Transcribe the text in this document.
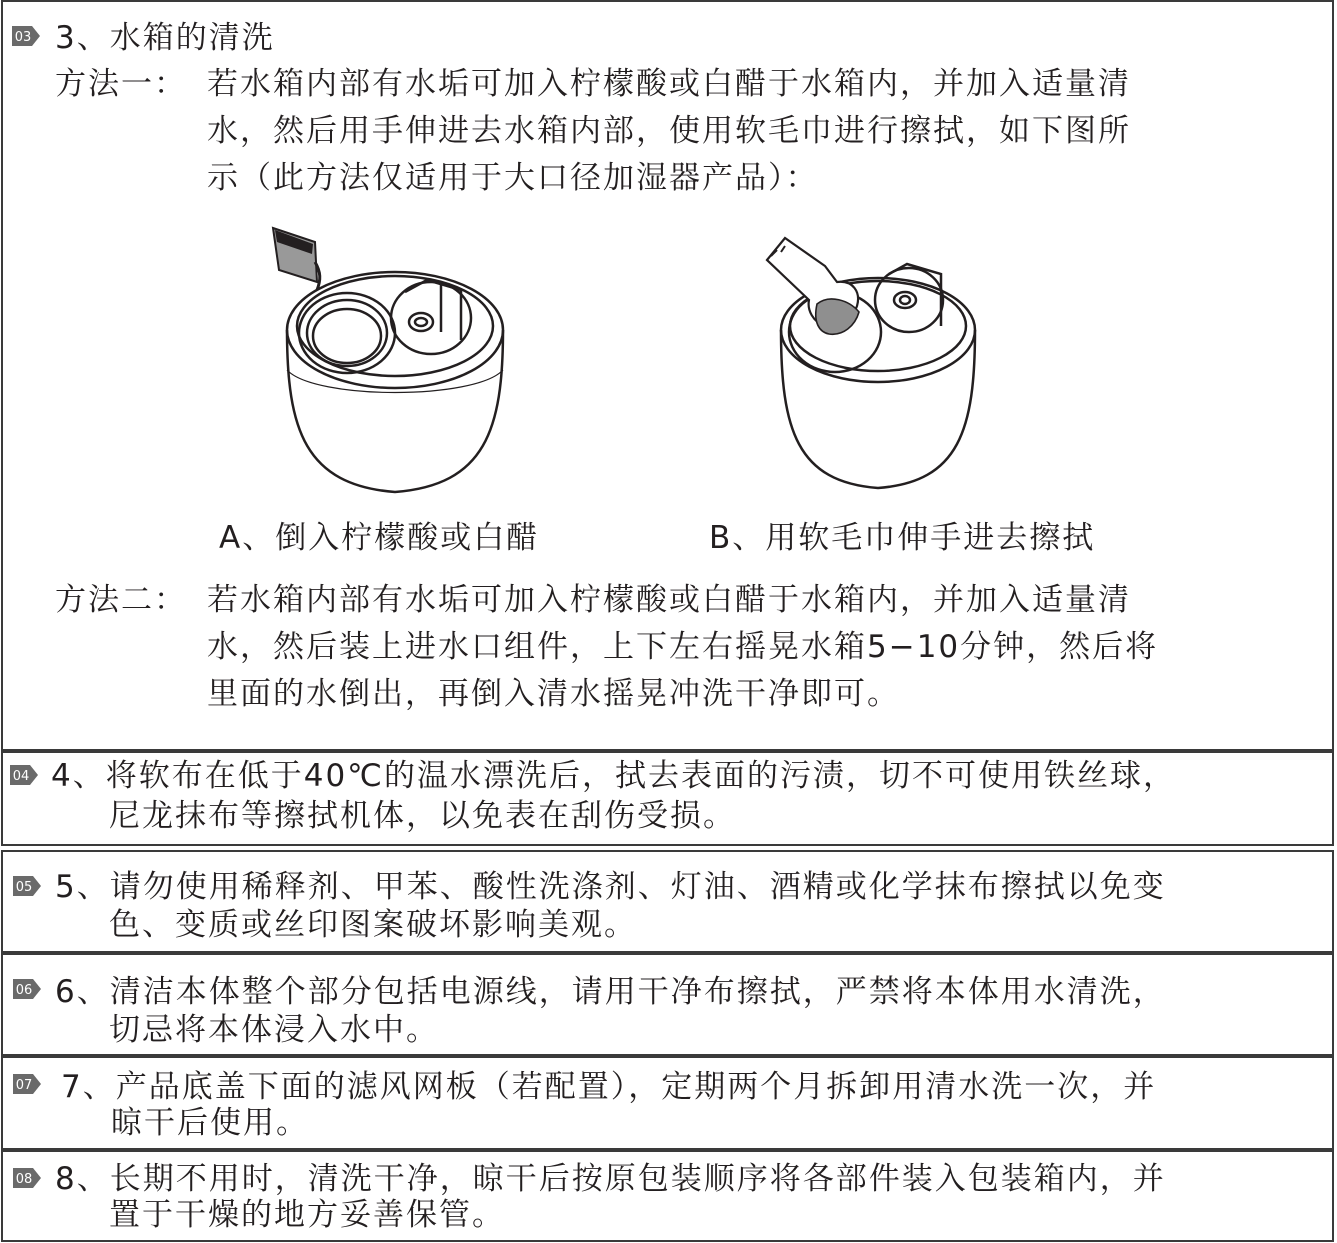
03 3、水箱的清洗
方法一： 若水箱内部有水垢可加入柠檬酸或白醋于水箱内，并加入适量清
水，然后用手伸进去水箱内部，使用软毛巾进行擦拭，如下图所
示（此方法仅适用于大口径加湿器产品）：
A、倒入柠檬酸或白醋	B、用软毛巾伸手进去擦拭
方法二： 若水箱内部有水垢可加入柠檬酸或白醋于水箱内，并加入适量清
水，然后装上进水口组件，上下左右摇晃水箱5−10分钟，然后将
里面的水倒出，再倒入清水摇晃冲洗干净即可。
04 4、将软布在低于40℃的温水漂洗后，拭去表面的污渍，切不可使用铁丝球，
尼龙抹布等擦拭机体，以免表在刮伤受损。
05 5、请勿使用稀释剂、甲苯、酸性洗涤剂、灯油、酒精或化学抹布擦拭以免变
色、变质或丝印图案破坏影响美观。
06 6、清洁本体整个部分包括电源线，请用干净布擦拭，严禁将本体用水清洗，
切忌将本体浸入水中。
07 7、产品底盖下面的滤风网板（若配置），定期两个月拆卸用清水洗一次，并
晾干后使用。
08 8、长期不用时，清洗干净，晾干后按原包装顺序将各部件装入包装箱内，并
置于干燥的地方妥善保管。
